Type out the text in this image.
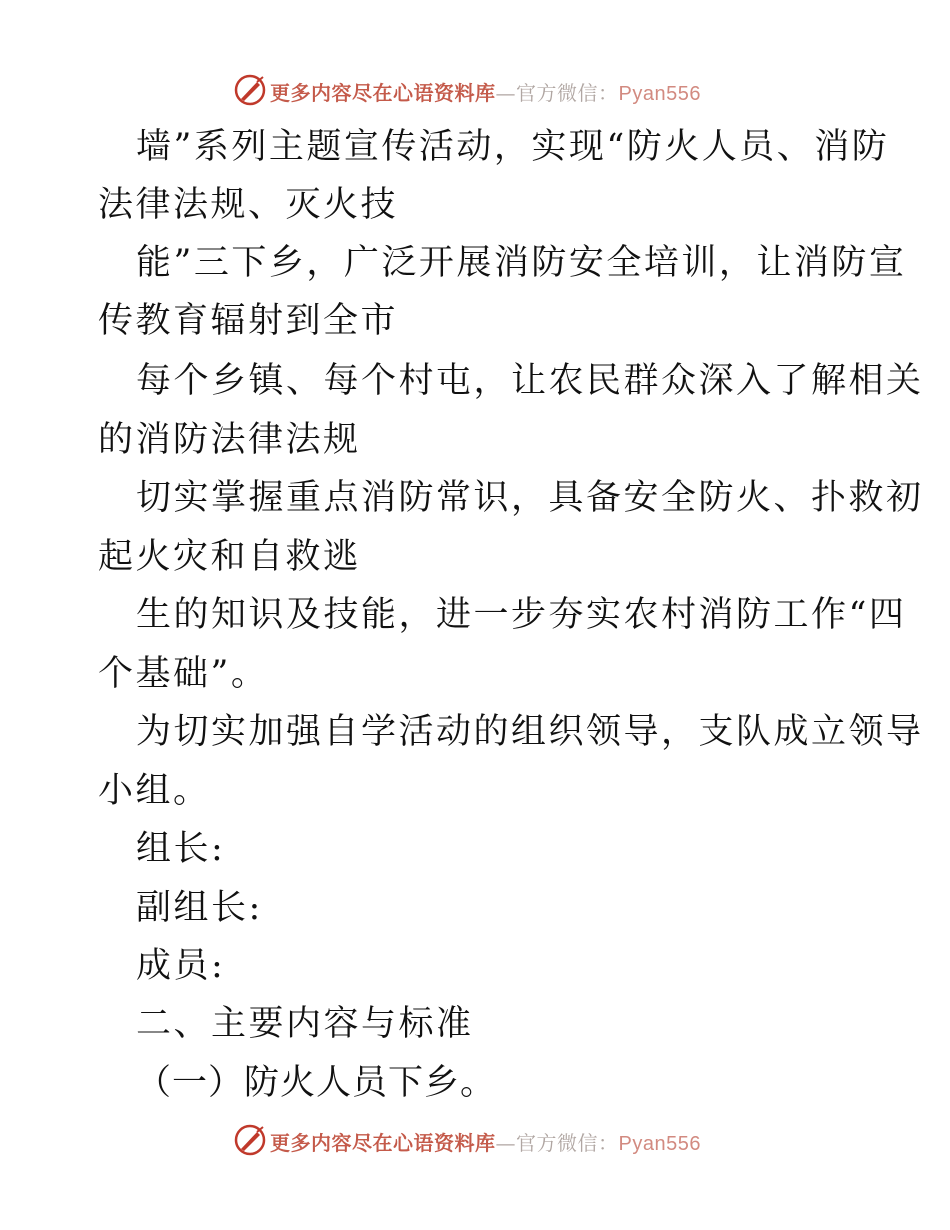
更多内容尽在心语资料库—官方微信：Pyan556
墙”系列主题宣传活动，实现“防火人员、消防
法律法规、灭火技
能”三下乡，广泛开展消防安全培训，让消防宣
传教育辐射到全市
每个乡镇、每个村屯，让农民群众深入了解相关
的消防法律法规
切实掌握重点消防常识，具备安全防火、扑救初
起火灾和自救逃
生的知识及技能，进一步夯实农村消防工作“四
个基础”。
为切实加强自学活动的组织领导，支队成立领导
小组。
组长:
副组长:
成员:
二、主要内容与标准
（一）防火人员下乡。
更多内容尽在心语资料库—官方微信：Pyan556
